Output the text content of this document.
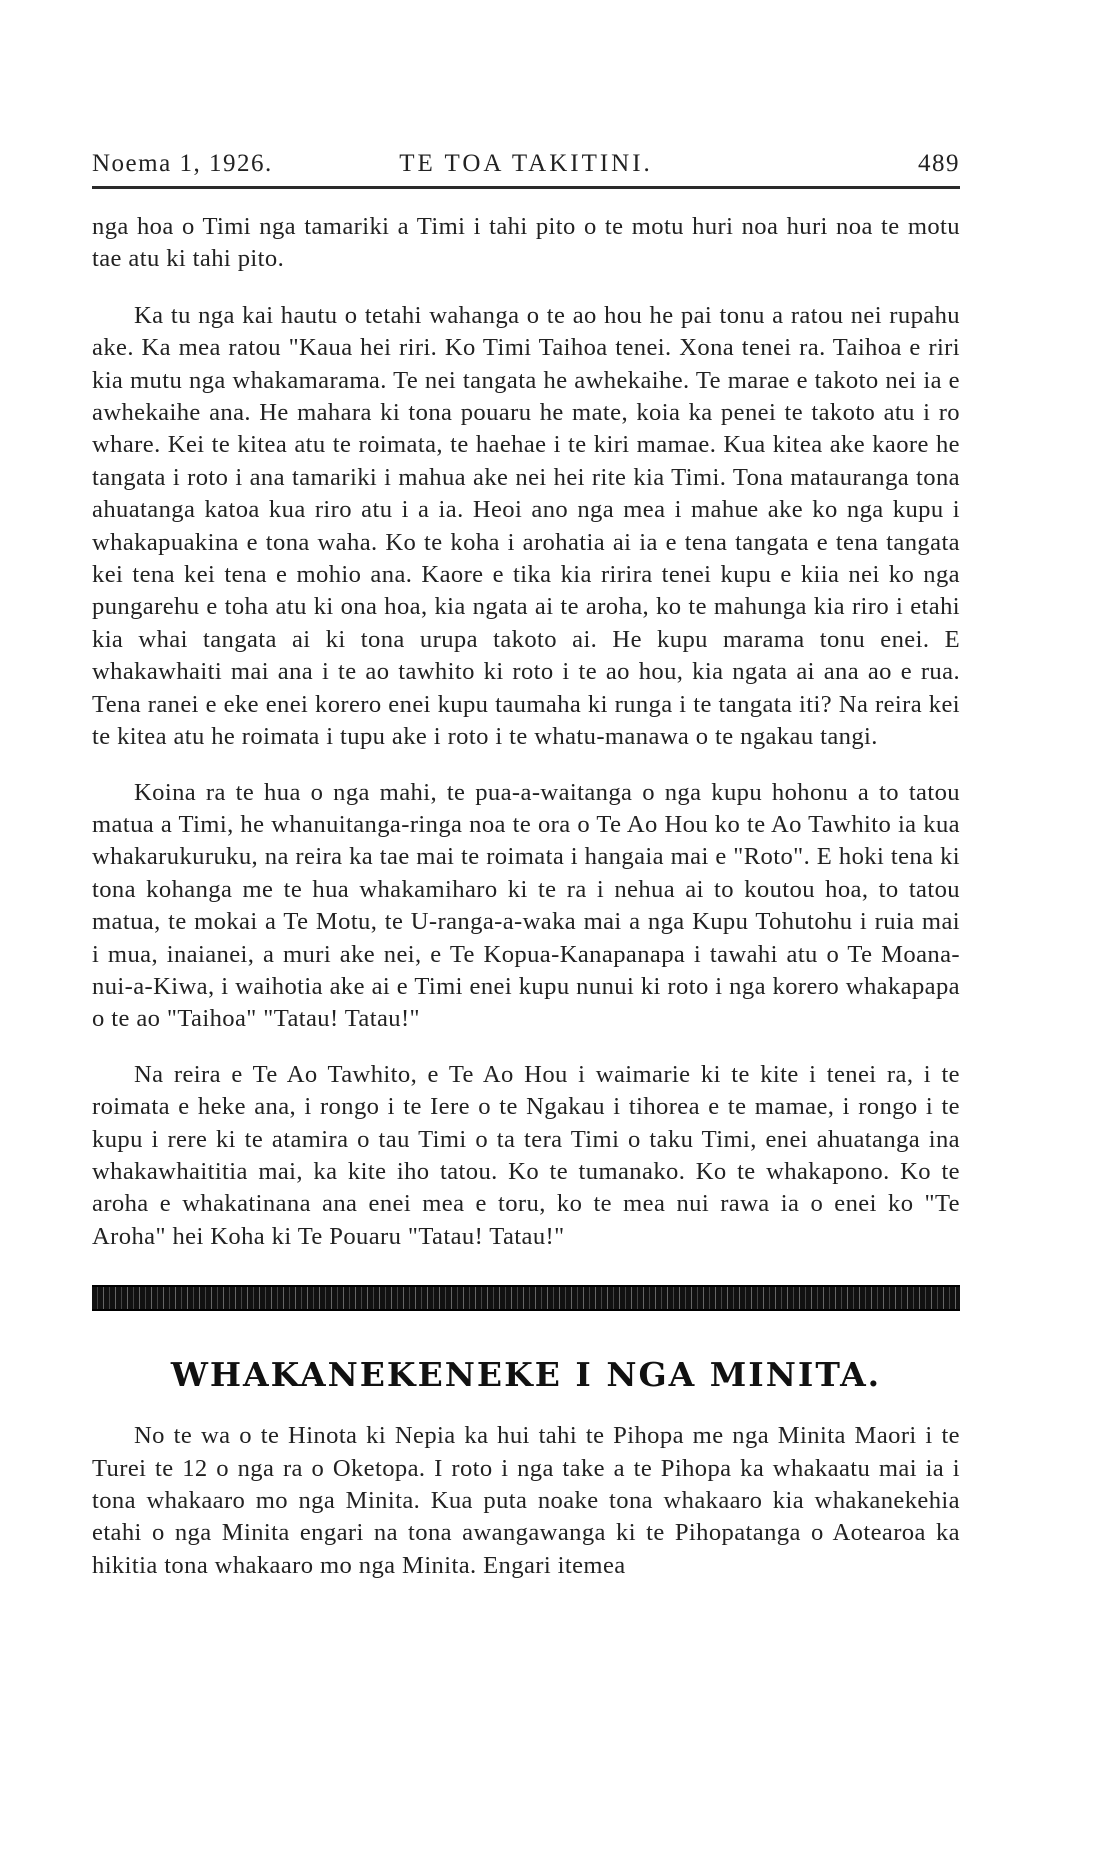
Noema 1, 1926.	TE TOA TAKITINI.	489

nga hoa o Timi nga tamariki a Timi i tahi pito o te motu huri noa huri noa te motu tae atu ki tahi pito.

Ka tu nga kai hautu o tetahi wahanga o te ao hou he pai tonu a ratou nei rupahu ake. Ka mea ratou "Kaua hei riri. Ko Timi Taihoa tenei. Xona tenei ra. Taihoa e riri kia mutu nga whakamarama. Te nei tangata he awhekaihe. Te marae e takoto nei ia e awhekaihe ana. He mahara ki tona pouaru he mate, koia ka penei te takoto atu i ro whare. Kei te kitea atu te roimata, te haehae i te kiri mamae. Kua kitea ake kaore he tangata i roto i ana tamariki i mahua ake nei hei rite kia Timi. Tona matauranga tona ahuatanga katoa kua riro atu i a ia. Heoi ano nga mea i mahue ake ko nga kupu i whakapuakina e tona waha. Ko te koha i arohatia ai ia e tena tangata e tena tangata kei tena kei tena e mohio ana. Kaore e tika kia ririra tenei kupu e kiia nei ko nga pungarehu e toha atu ki ona hoa, kia ngata ai te aroha, ko te mahunga kia riro i etahi kia whai tangata ai ki tona urupa takoto ai. He kupu marama tonu enei. E whakawhaiti mai ana i te ao tawhito ki roto i te ao hou, kia ngata ai ana ao e rua. Tena ranei e eke enei korero enei kupu taumaha ki runga i te tangata iti? Na reira kei te kitea atu he roimata i tupu ake i roto i te whatu-manawa o te ngakau tangi.

Koina ra te hua o nga mahi, te pua-a-waitanga o nga kupu hohonu a to tatou matua a Timi, he whanuitanga-ringa noa te ora o Te Ao Hou ko te Ao Tawhito ia kua whakarukuruku, na reira ka tae mai te roimata i hangaia mai e "Roto". E hoki tena ki tona kohanga me te hua whakamiharo ki te ra i nehua ai to koutou hoa, to tatou matua, te mokai a Te Motu, te U-ranga-a-waka mai a nga Kupu Tohutohu i ruia mai i mua, inaianei, a muri ake nei, e Te Kopua-Kanapanapa i tawahi atu o Te Moana-nui-a-Kiwa, i waihotia ake ai e Timi enei kupu nunui ki roto i nga korero whakapapa o te ao "Taihoa" "Tatau! Tatau!"

Na reira e Te Ao Tawhito, e Te Ao Hou i waimarie ki te kite i tenei ra, i te roimata e heke ana, i rongo i te Iere o te Ngakau i tihorea e te mamae, i rongo i te kupu i rere ki te atamira o tau Timi o ta tera Timi o taku Timi, enei ahuatanga ina whakawhaititia mai, ka kite iho tatou. Ko te tumanako. Ko te whakapono. Ko te aroha e whakatinana ana enei mea e toru, ko te mea nui rawa ia o enei ko "Te Aroha" hei Koha ki Te Pouaru "Tatau! Tatau!"

WHAKANEKENEKE I NGA MINITA.

No te wa o te Hinota ki Nepia ka hui tahi te Pihopa me nga Minita Maori i te Turei te 12 o nga ra o Oketopa. I roto i nga take a te Pihopa ka whakaatu mai ia i tona whakaaro mo nga Minita. Kua puta noake tona whakaaro kia whakanekehia etahi o nga Minita engari na tona awangawanga ki te Pihopatanga o Aotearoa ka hikitia tona whakaaro mo nga Minita. Engari itemea
